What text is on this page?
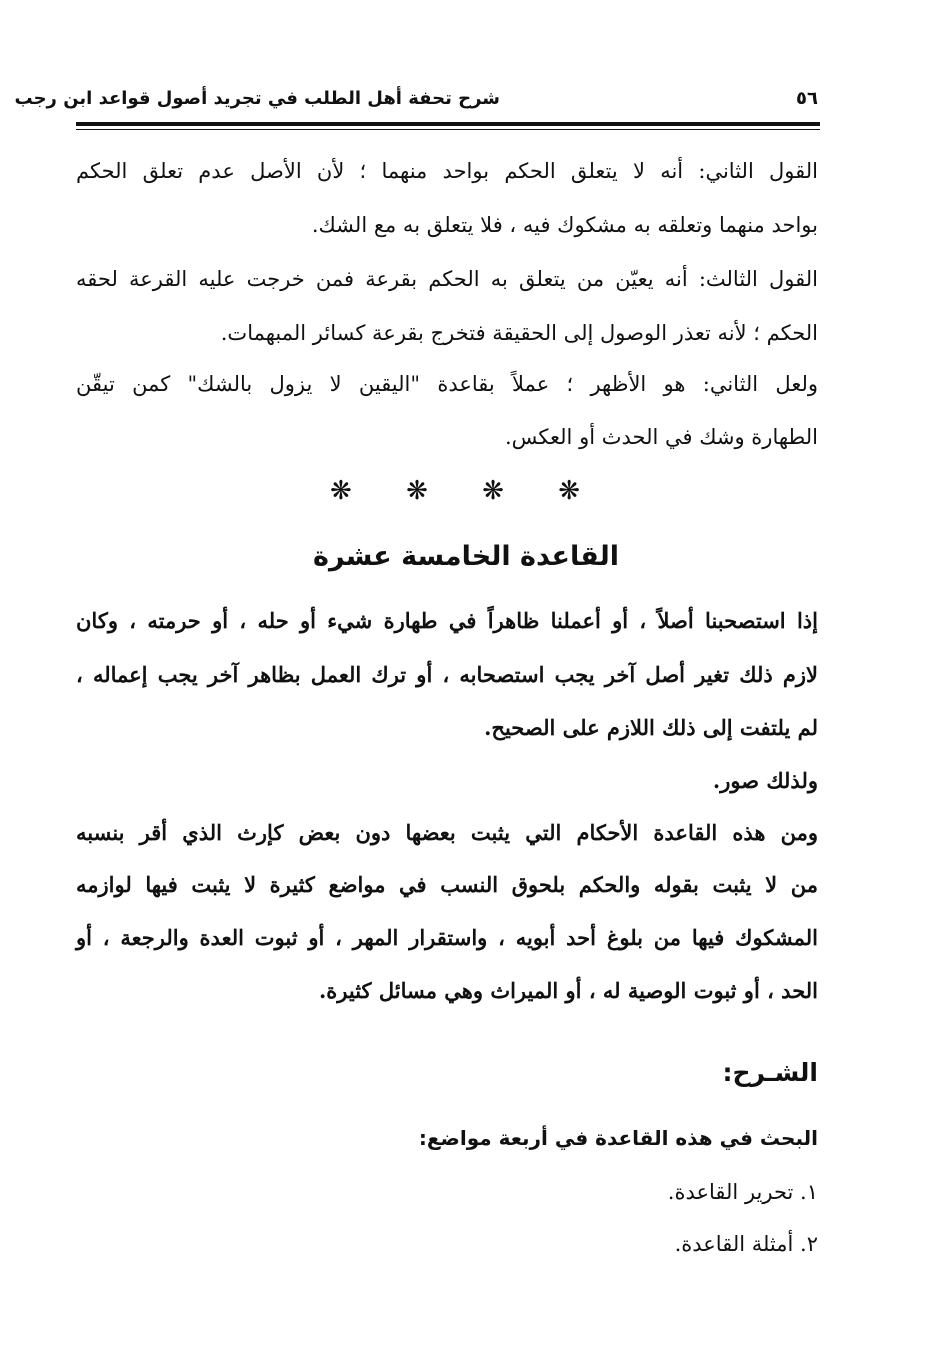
٥٦
شرح تحفة أهل الطلب في تجريد أصول قواعد ابن رجب
القول الثاني: أنه لا يتعلق الحكم بواحد منهما ؛ لأن الأصل عدم تعلق الحكم
بواحد منهما وتعلقه به مشكوك فيه ، فلا يتعلق به مع الشك.
القول الثالث: أنه يعيّن من يتعلق به الحكم بقرعة فمن خرجت عليه القرعة لحقه
الحكم ؛ لأنه تعذر الوصول إلى الحقيقة فتخرج بقرعة كسائر المبهمات.
ولعل الثاني: هو الأظهر ؛ عملاً بقاعدة "اليقين لا يزول بالشك" كمن تيقّن
الطهارة وشك في الحدث أو العكس.
❋ ❋ ❋ ❋
القاعدة الخامسة عشرة
إذا استصحبنا أصلاً ، أو أعملنا ظاهراً في طهارة شيء أو حله ، أو حرمته ، وكان
لازم ذلك تغير أصل آخر يجب استصحابه ، أو ترك العمل بظاهر آخر يجب إعماله ،
لم يلتفت إلى ذلك اللازم على الصحيح.
ولذلك صور.
ومن هذه القاعدة الأحكام التي يثبت بعضها دون بعض كإرث الذي أقر بنسبه
من لا يثبت بقوله والحكم بلحوق النسب في مواضع كثيرة لا يثبت فيها لوازمه
المشكوك فيها من بلوغ أحد أبويه ، واستقرار المهر ، أو ثبوت العدة والرجعة ، أو
الحد ، أو ثبوت الوصية له ، أو الميراث وهي مسائل كثيرة.
الشـرح:
البحث في هذه القاعدة في أربعة مواضع:
١. تحرير القاعدة.
٢. أمثلة القاعدة.
